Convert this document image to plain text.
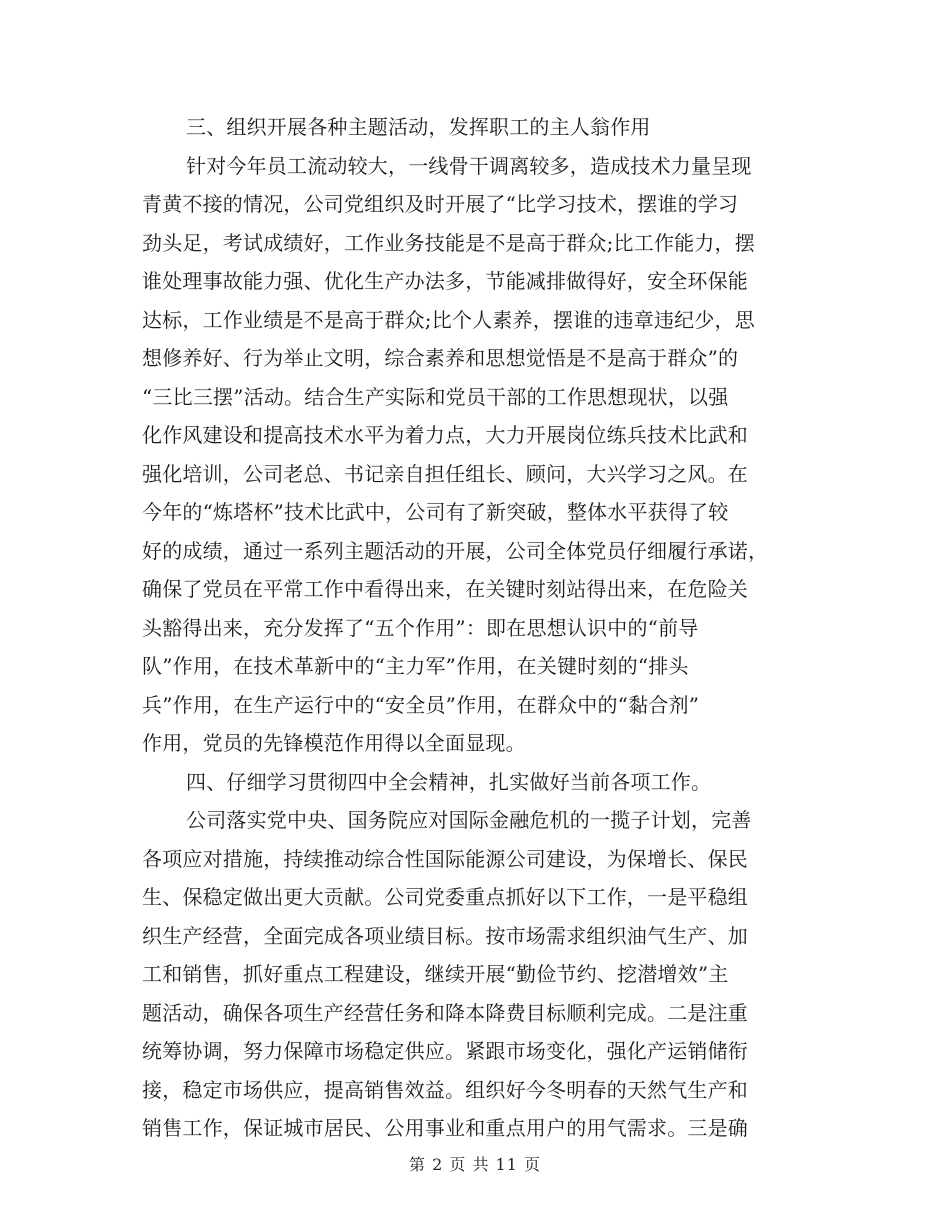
三、组织开展各种主题活动，发挥职工的主人翁作用
针对今年员工流动较大，一线骨干调离较多，造成技术力量呈现
青黄不接的情况，公司党组织及时开展了“比学习技术，摆谁的学习
劲头足，考试成绩好，工作业务技能是不是高于群众;比工作能力，摆
谁处理事故能力强、优化生产办法多，节能减排做得好，安全环保能
达标，工作业绩是不是高于群众;比个人素养，摆谁的违章违纪少，思
想修养好、行为举止文明，综合素养和思想觉悟是不是高于群众”的
“三比三摆”活动。结合生产实际和党员干部的工作思想现状，以强
化作风建设和提高技术水平为着力点，大力开展岗位练兵技术比武和
强化培训，公司老总、书记亲自担任组长、顾问，大兴学习之风。在
今年的“炼塔杯”技术比武中，公司有了新突破，整体水平获得了较
好的成绩，通过一系列主题活动的开展，公司全体党员仔细履行承诺，
确保了党员在平常工作中看得出来，在关键时刻站得出来，在危险关
头豁得出来，充分发挥了“五个作用”：即在思想认识中的“前导
队”作用，在技术革新中的“主力军”作用，在关键时刻的“排头
兵”作用，在生产运行中的“安全员”作用，在群众中的“黏合剂”
作用，党员的先锋模范作用得以全面显现。
四、仔细学习贯彻四中全会精神，扎实做好当前各项工作。
公司落实党中央、国务院应对国际金融危机的一揽子计划，完善
各项应对措施，持续推动综合性国际能源公司建设，为保增长、保民
生、保稳定做出更大贡献。公司党委重点抓好以下工作，一是平稳组
织生产经营，全面完成各项业绩目标。按市场需求组织油气生产、加
工和销售，抓好重点工程建设，继续开展“勤俭节约、挖潜增效”主
题活动，确保各项生产经营任务和降本降费目标顺利完成。二是注重
统筹协调，努力保障市场稳定供应。紧跟市场变化，强化产运销储衔
接，稳定市场供应，提高销售效益。组织好今冬明春的天然气生产和
销售工作，保证城市居民、公用事业和重点用户的用气需求。三是确
第 2 页 共 11 页
